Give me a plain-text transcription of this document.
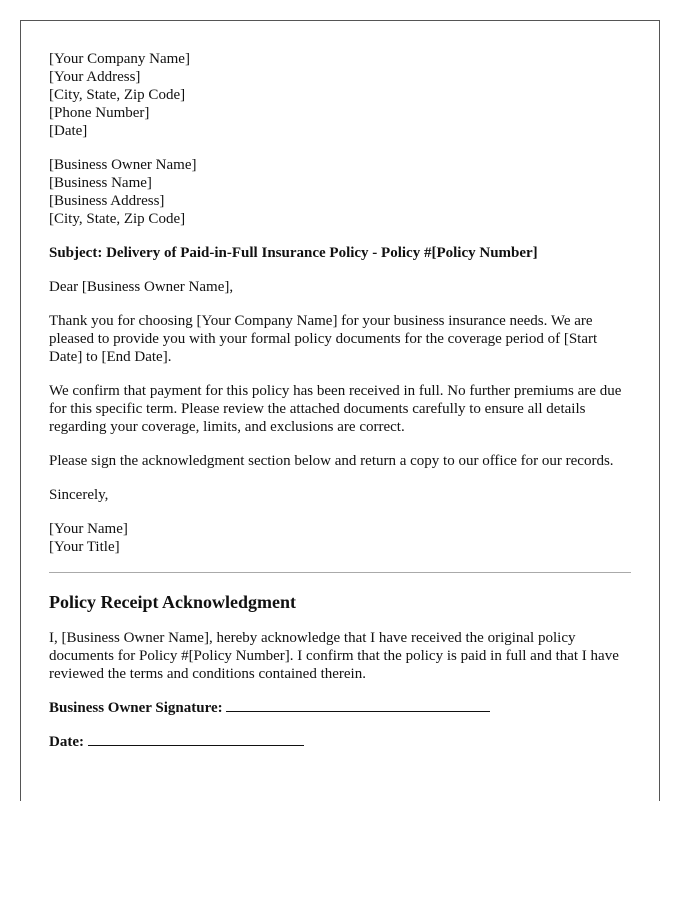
[Your Company Name]
[Your Address]
[City, State, Zip Code]
[Phone Number]
[Date]
[Business Owner Name]
[Business Name]
[Business Address]
[City, State, Zip Code]

Subject: Delivery of Paid-in-Full Insurance Policy - Policy #[Policy Number]

Dear [Business Owner Name],

Thank you for choosing [Your Company Name] for your business insurance needs. We are pleased to provide you with your formal policy documents for the coverage period of [Start Date] to [End Date].

We confirm that payment for this policy has been received in full. No further premiums are due for this specific term. Please review the attached documents carefully to ensure all details regarding your coverage, limits, and exclusions are correct.

Please sign the acknowledgment section below and return a copy to our office for our records.

Sincerely,

[Your Name]
[Your Title]
Policy Receipt Acknowledgment

I, [Business Owner Name], hereby acknowledge that I have received the original policy documents for Policy #[Policy Number]. I confirm that the policy is paid in full and that I have reviewed the terms and conditions contained therein.

Business Owner Signature:
Date:
